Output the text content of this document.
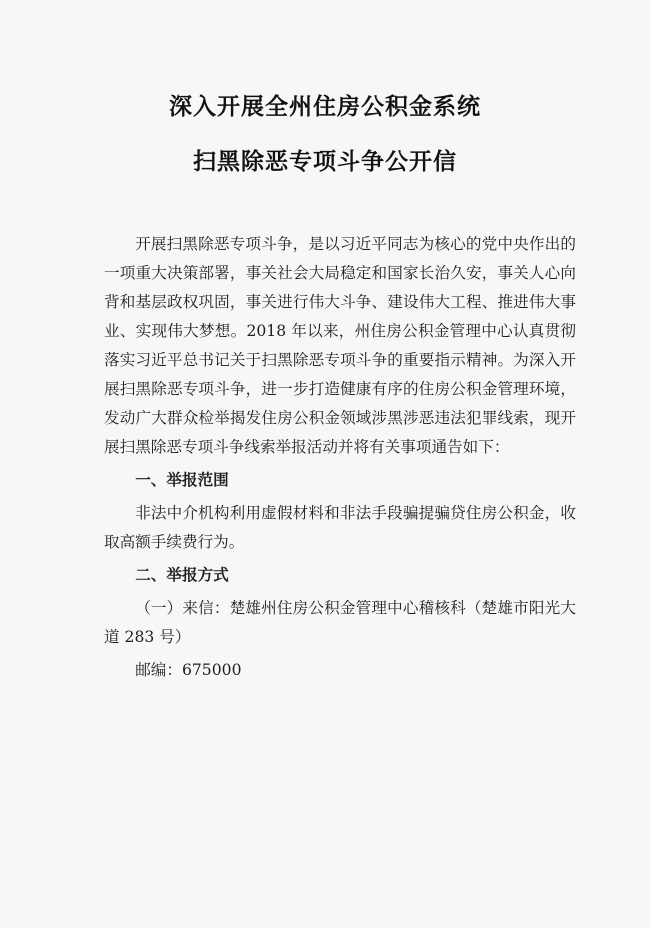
深入开展全州住房公积金系统
扫黑除恶专项斗争公开信

开展扫黑除恶专项斗争，是以习近平同志为核心的党中央作出的一项重大决策部署，事关社会大局稳定和国家长治久安，事关人心向背和基层政权巩固，事关进行伟大斗争、建设伟大工程、推进伟大事业、实现伟大梦想。2018 年以来，州住房公积金管理中心认真贯彻落实习近平总书记关于扫黑除恶专项斗争的重要指示精神。为深入开展扫黑除恶专项斗争，进一步打造健康有序的住房公积金管理环境，发动广大群众检举揭发住房公积金领域涉黑涉恶违法犯罪线索，现开展扫黑除恶专项斗争线索举报活动并将有关事项通告如下：

一、举报范围

非法中介机构利用虚假材料和非法手段骗提骗贷住房公积金，收取高额手续费行为。

二、举报方式

（一）来信：楚雄州住房公积金管理中心稽核科（楚雄市阳光大道 283 号）

邮编：675000
